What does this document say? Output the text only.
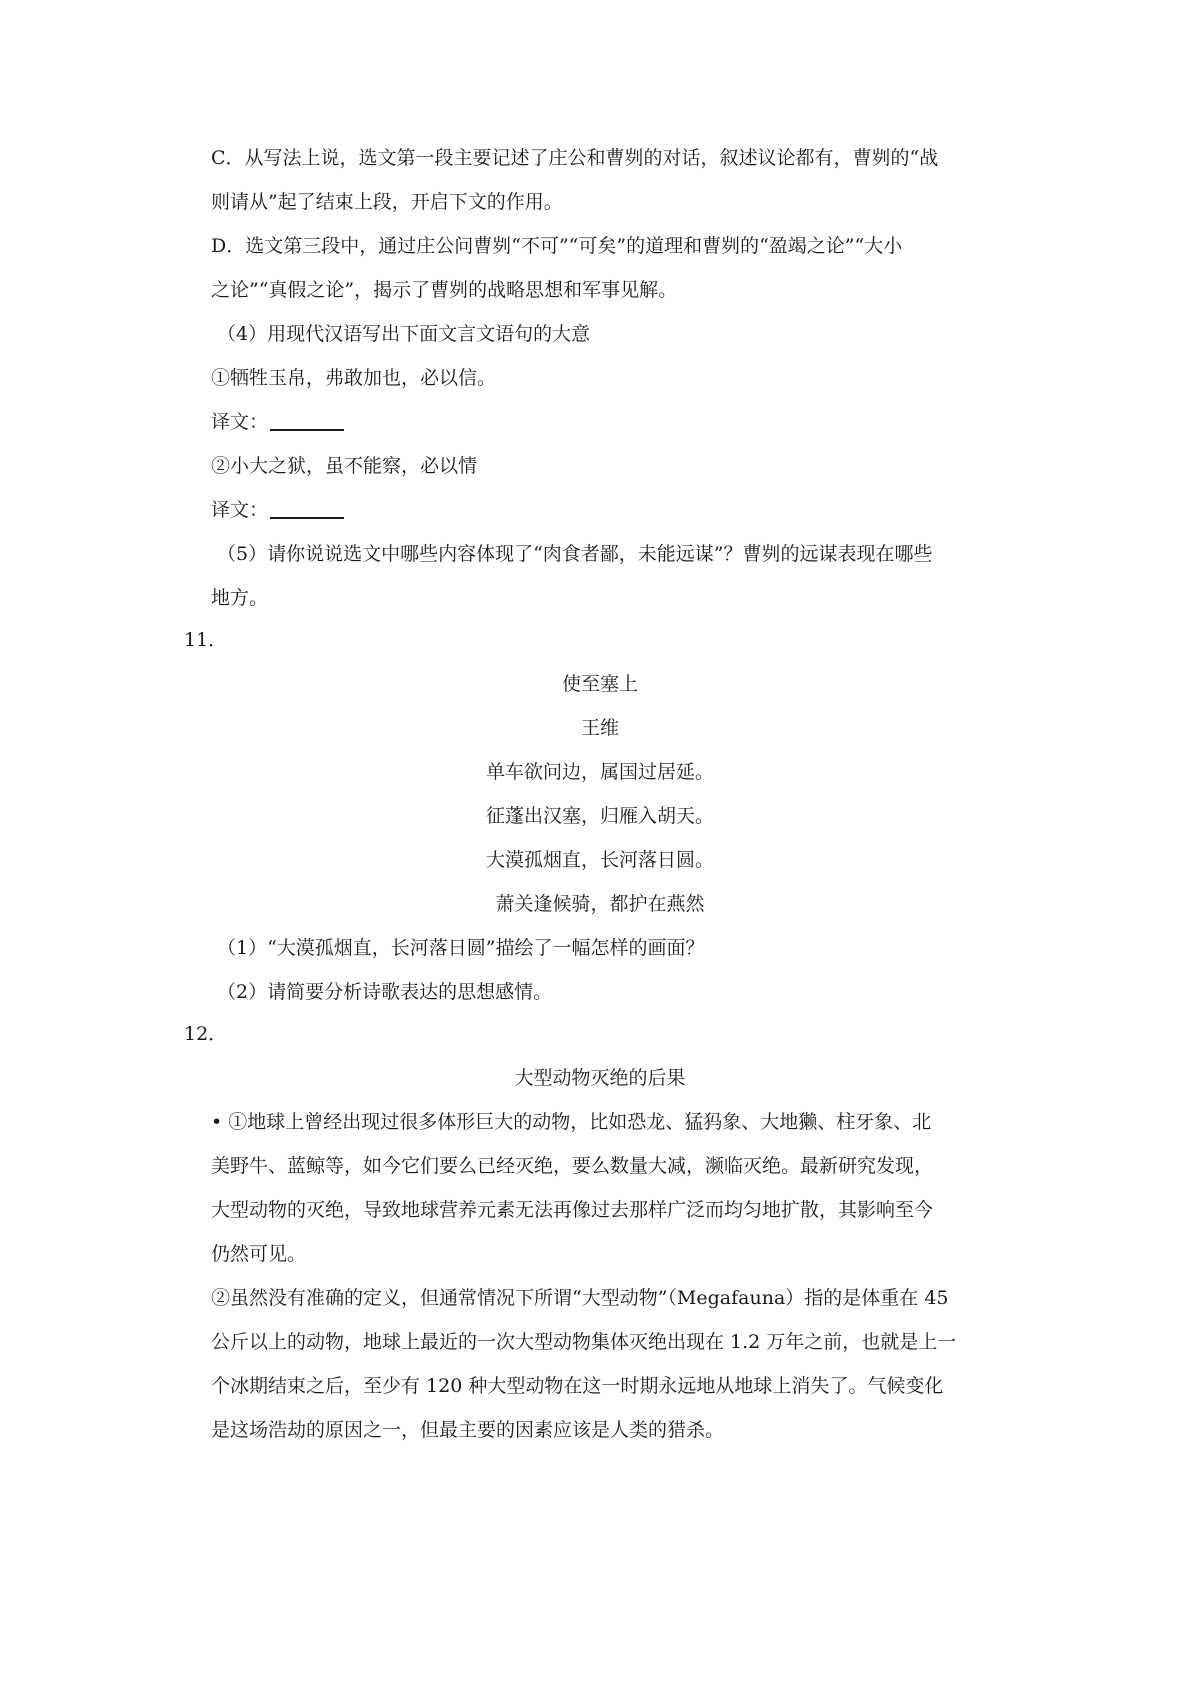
C．从写法上说，选文第一段主要记述了庄公和曹刿的对话，叙述议论都有，曹刿的“战
则请从”起了结束上段，开启下文的作用。
D．选文第三段中，通过庄公问曹刿“不可”“可矣”的道理和曹刿的“盈竭之论”“大小
之论”“真假之论”，揭示了曹刿的战略思想和军事见解。
（4）用现代汉语写出下面文言文语句的大意
①牺牲玉帛，弗敢加也，必以信。
译文：
②小大之狱，虽不能察，必以情
译文：
（5）请你说说选文中哪些内容体现了“肉食者鄙，未能远谋”？曹刿的远谋表现在哪些
地方。
11．
使至塞上
王维
单车欲问边，属国过居延。
征蓬出汉塞，归雁入胡天。
大漠孤烟直，长河落日圆。
萧关逢候骑，都护在燕然
（1）“大漠孤烟直，长河落日圆”描绘了一幅怎样的画面？
（2）请简要分析诗歌表达的思想感情。
12．
大型动物灭绝的后果
• ①地球上曾经出现过很多体形巨大的动物，比如恐龙、猛犸象、大地獭、柱牙象、北
美野牛、蓝鲸等，如今它们要么已经灭绝，要么数量大减，濒临灭绝。最新研究发现，
大型动物的灭绝，导致地球营养元素无法再像过去那样广泛而均匀地扩散，其影响至今
仍然可见。
②虽然没有准确的定义，但通常情况下所谓“大型动物”（Megafauna）指的是体重在 45
公斤以上的动物，地球上最近的一次大型动物集体灭绝出现在 1.2 万年之前，也就是上一
个冰期结束之后，至少有 120 种大型动物在这一时期永远地从地球上消失了。气候变化
是这场浩劫的原因之一，但最主要的因素应该是人类的猎杀。
